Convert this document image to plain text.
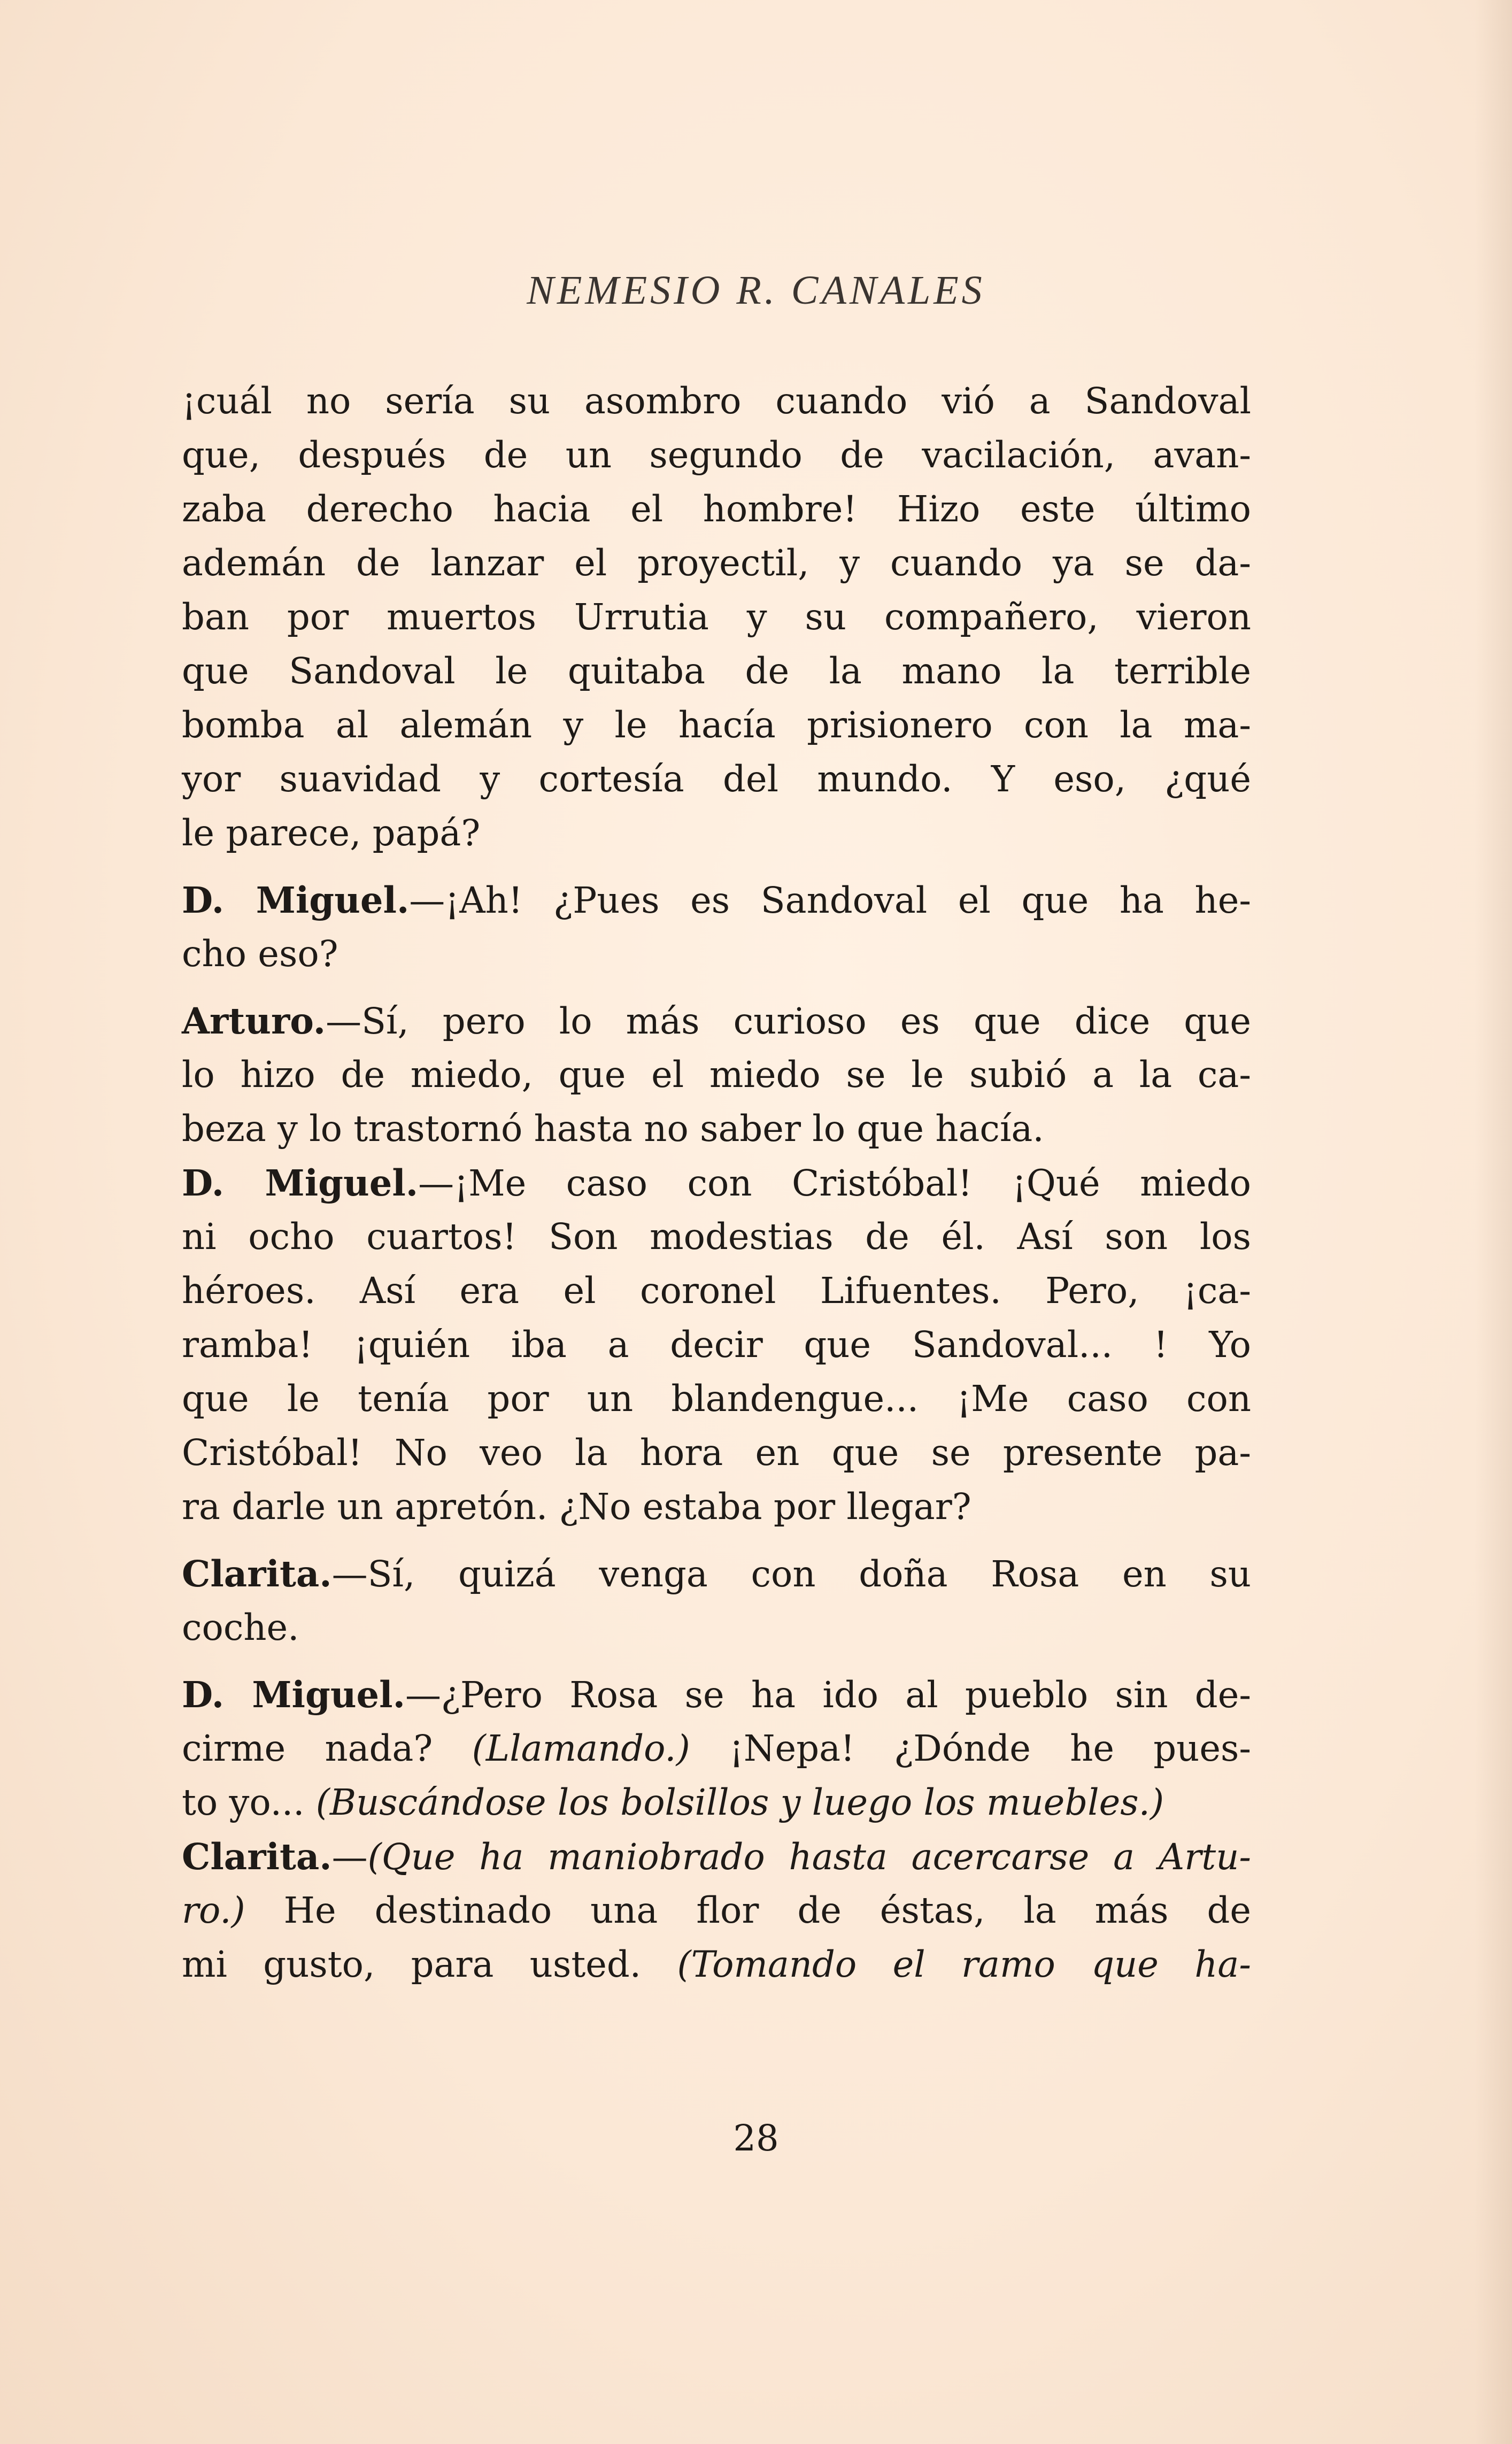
NEMESIO R. CANALES
¡cuál no sería su asombro cuando vió a Sandoval
que, después de un segundo de vacilación, avan-
zaba derecho hacia el hombre! Hizo este último
ademán de lanzar el proyectil, y cuando ya se da-
ban por muertos Urrutia y su compañero, vieron
que Sandoval le quitaba de la mano la terrible
bomba al alemán y le hacía prisionero con la ma-
yor suavidad y cortesía del mundo. Y eso, ¿qué
le parece, papá?
D. Miguel.—¡Ah! ¿Pues es Sandoval el que ha he-
cho eso?
Arturo.—Sí, pero lo más curioso es que dice que
lo hizo de miedo, que el miedo se le subió a la ca-
beza y lo trastornó hasta no saber lo que hacía.
D. Miguel.—¡Me caso con Cristóbal! ¡Qué miedo
ni ocho cuartos! Son modestias de él. Así son los
héroes. Así era el coronel Lifuentes. Pero, ¡ca-
ramba! ¡quién iba a decir que Sandoval... ! Yo
que le tenía por un blandengue... ¡Me caso con
Cristóbal! No veo la hora en que se presente pa-
ra darle un apretón. ¿No estaba por llegar?
Clarita.—Sí, quizá venga con doña Rosa en su
coche.
D. Miguel.—¿Pero Rosa se ha ido al pueblo sin de-
cirme nada? (Llamando.) ¡Nepa! ¿Dónde he pues-
to yo... (Buscándose los bolsillos y luego los muebles.)
Clarita.—(Que ha maniobrado hasta acercarse a Artu-
ro.) He destinado una flor de éstas, la más de
mi gusto, para usted. (Tomando el ramo que ha-
28
